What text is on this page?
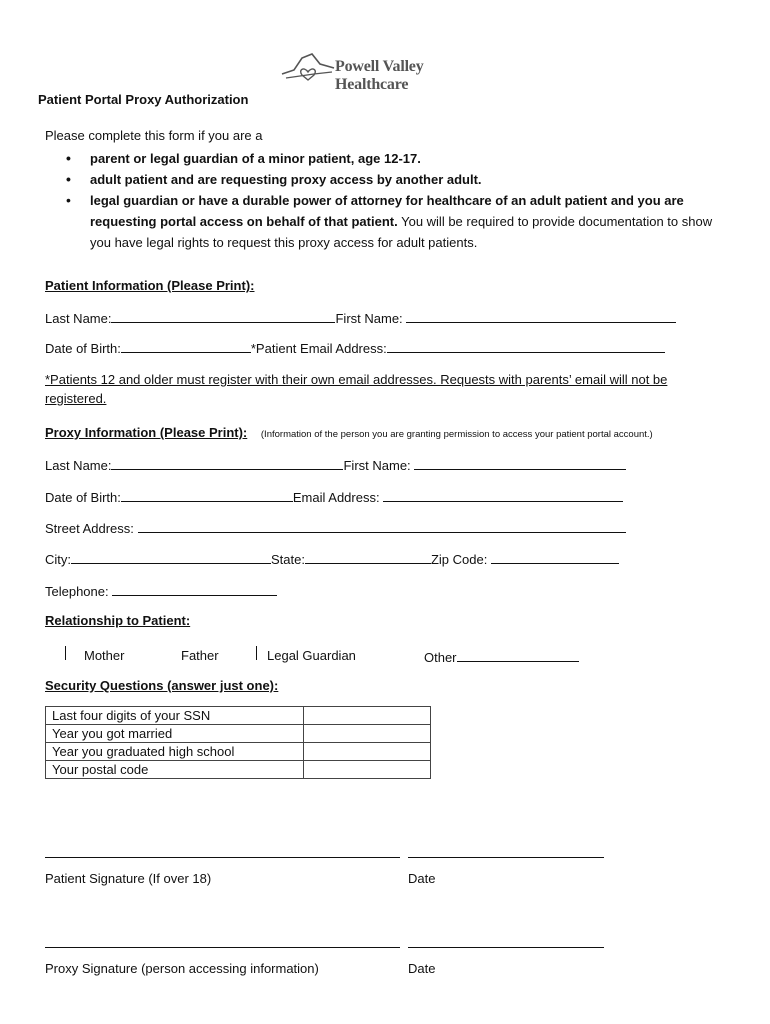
Powell Valley Healthcare
Patient Portal Proxy Authorization
Please complete this form if you are a
• parent or legal guardian of a minor patient, age 12-17.
• adult patient and are requesting proxy access by another adult.
• legal guardian or have a durable power of attorney for healthcare of an adult patient and you are requesting portal access on behalf of that patient. You will be required to provide documentation to show you have legal rights to request this proxy access for adult patients.
Patient Information (Please Print):
Last Name:	First Name:
Date of Birth:	*Patient Email Address:
*Patients 12 and older must register with their own email addresses. Requests with parents’ email will not be registered.
Proxy Information (Please Print): (Information of the person you are granting permission to access your patient portal account.)
Last Name:	First Name:
Date of Birth:	Email Address:
Street Address:
City:	State:	Zip Code:
Telephone:
Relationship to Patient:
Mother	Father	Legal Guardian	Other
Security Questions (answer just one):
Last four digits of your SSN	
Year you got married	
Year you graduated high school	
Your postal code	
Patient Signature (If over 18)	Date
Proxy Signature (person accessing information)	Date
